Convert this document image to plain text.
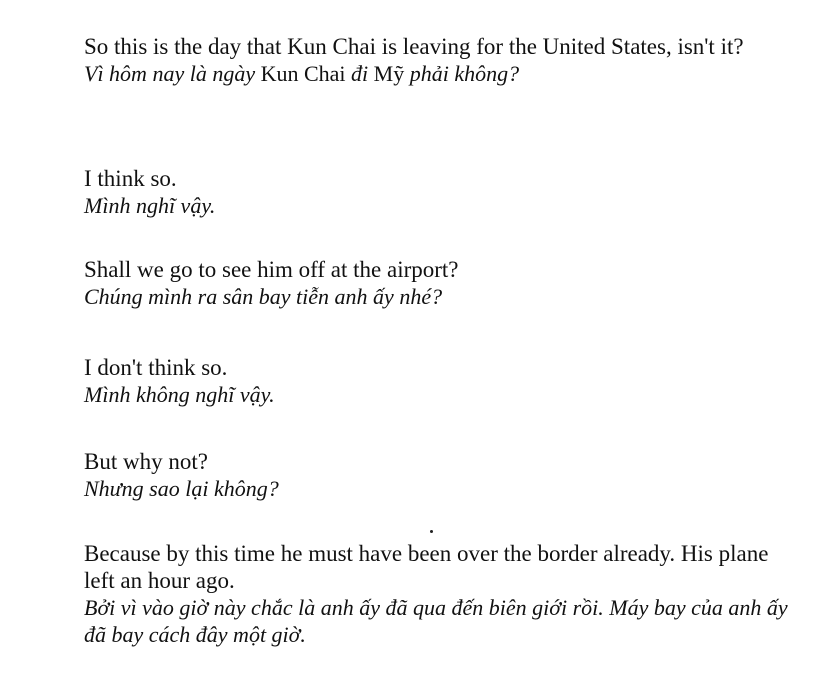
So this is the day that Kun Chai is leaving for the United States, isn't it?

Vì hôm nay là ngày Kun Chai đi Mỹ phải không?

I think so.

Mình nghĩ vậy.

Shall we go to see him off at the airport?

Chúng mình ra sân bay tiễn anh ấy nhé?

I don't think so.

Mình không nghĩ vậy.

But why not?

Nhưng sao lại không?

Because by this time he must have been over the border already. His plane left an hour ago.

Bởi vì vào giờ này chắc là anh ấy đã qua đến biên giới rồi. Máy bay của anh ấy đã bay cách đây một giờ.
